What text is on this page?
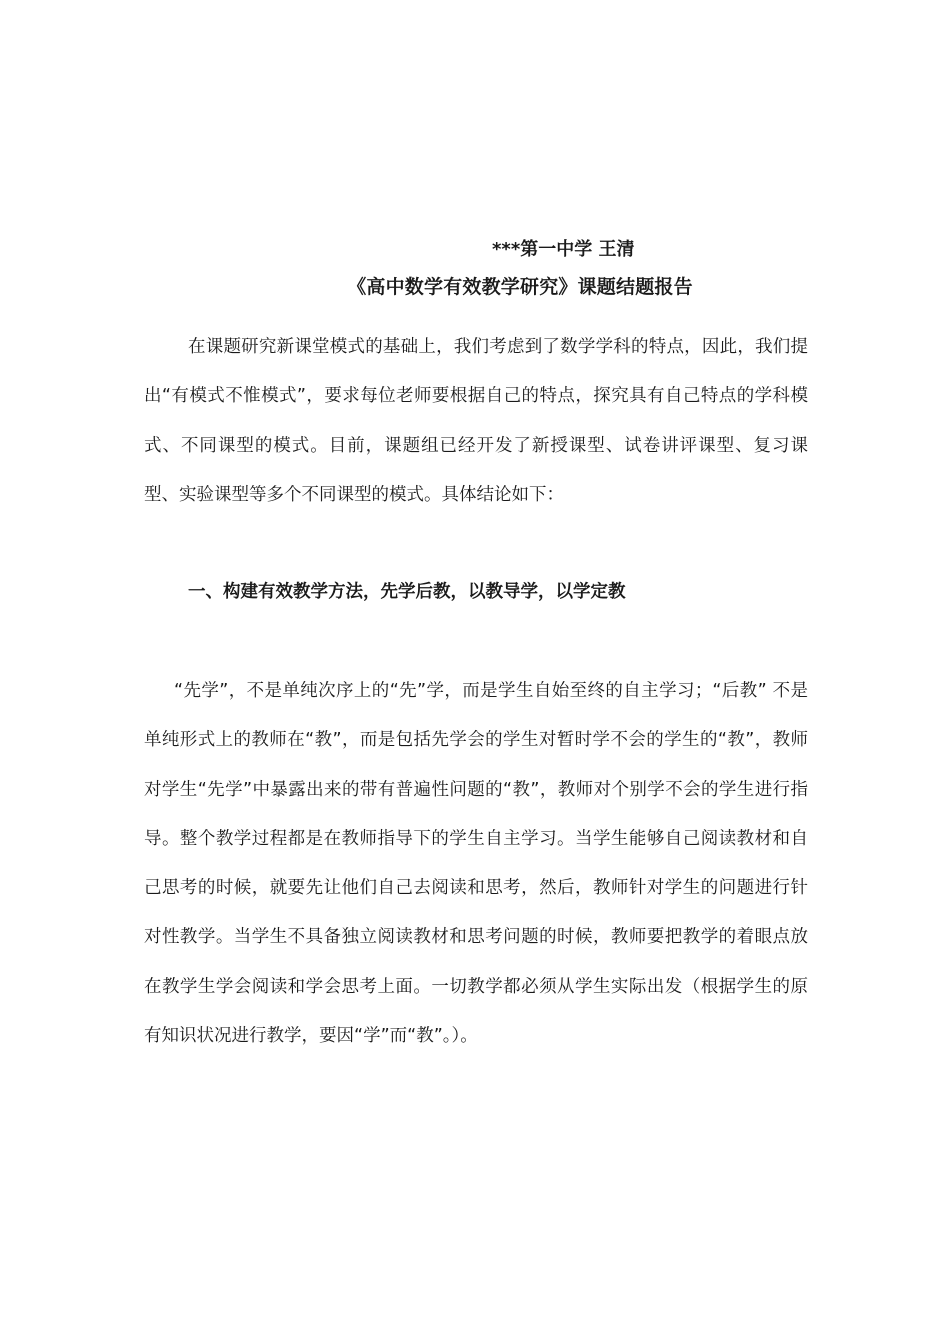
《高中数学有效教学研究》课题结题报告
***第一中学 王清
在课题研究新课堂模式的基础上，我们考虑到了数学学科的特点，因此，我们提出“有模式不惟模式”，要求每位老师要根据自己的特点，探究具有自己特点的学科模式、不同课型的模式。目前，课题组已经开发了新授课型、试卷讲评课型、复习课型、实验课型等多个不同课型的模式。具体结论如下：
一、构建有效教学方法，先学后教，以教导学，以学定教
“先学”，不是单纯次序上的“先”学，而是学生自始至终的自主学习；“后教” 不是单纯形式上的教师在“教”，而是包括先学会的学生对暂时学不会的学生的“教”，教师对学生“先学”中暴露出来的带有普遍性问题的“教”，教师对个别学不会的学生进行指导。整个教学过程都是在教师指导下的学生自主学习。当学生能够自己阅读教材和自己思考的时候，就要先让他们自己去阅读和思考，然后，教师针对学生的问题进行针对性教学。当学生不具备独立阅读教材和思考问题的时候，教师要把教学的着眼点放在教学生学会阅读和学会思考上面。一切教学都必须从学生实际出发（根据学生的原有知识状况进行教学，要因“学”而“教”。）。
